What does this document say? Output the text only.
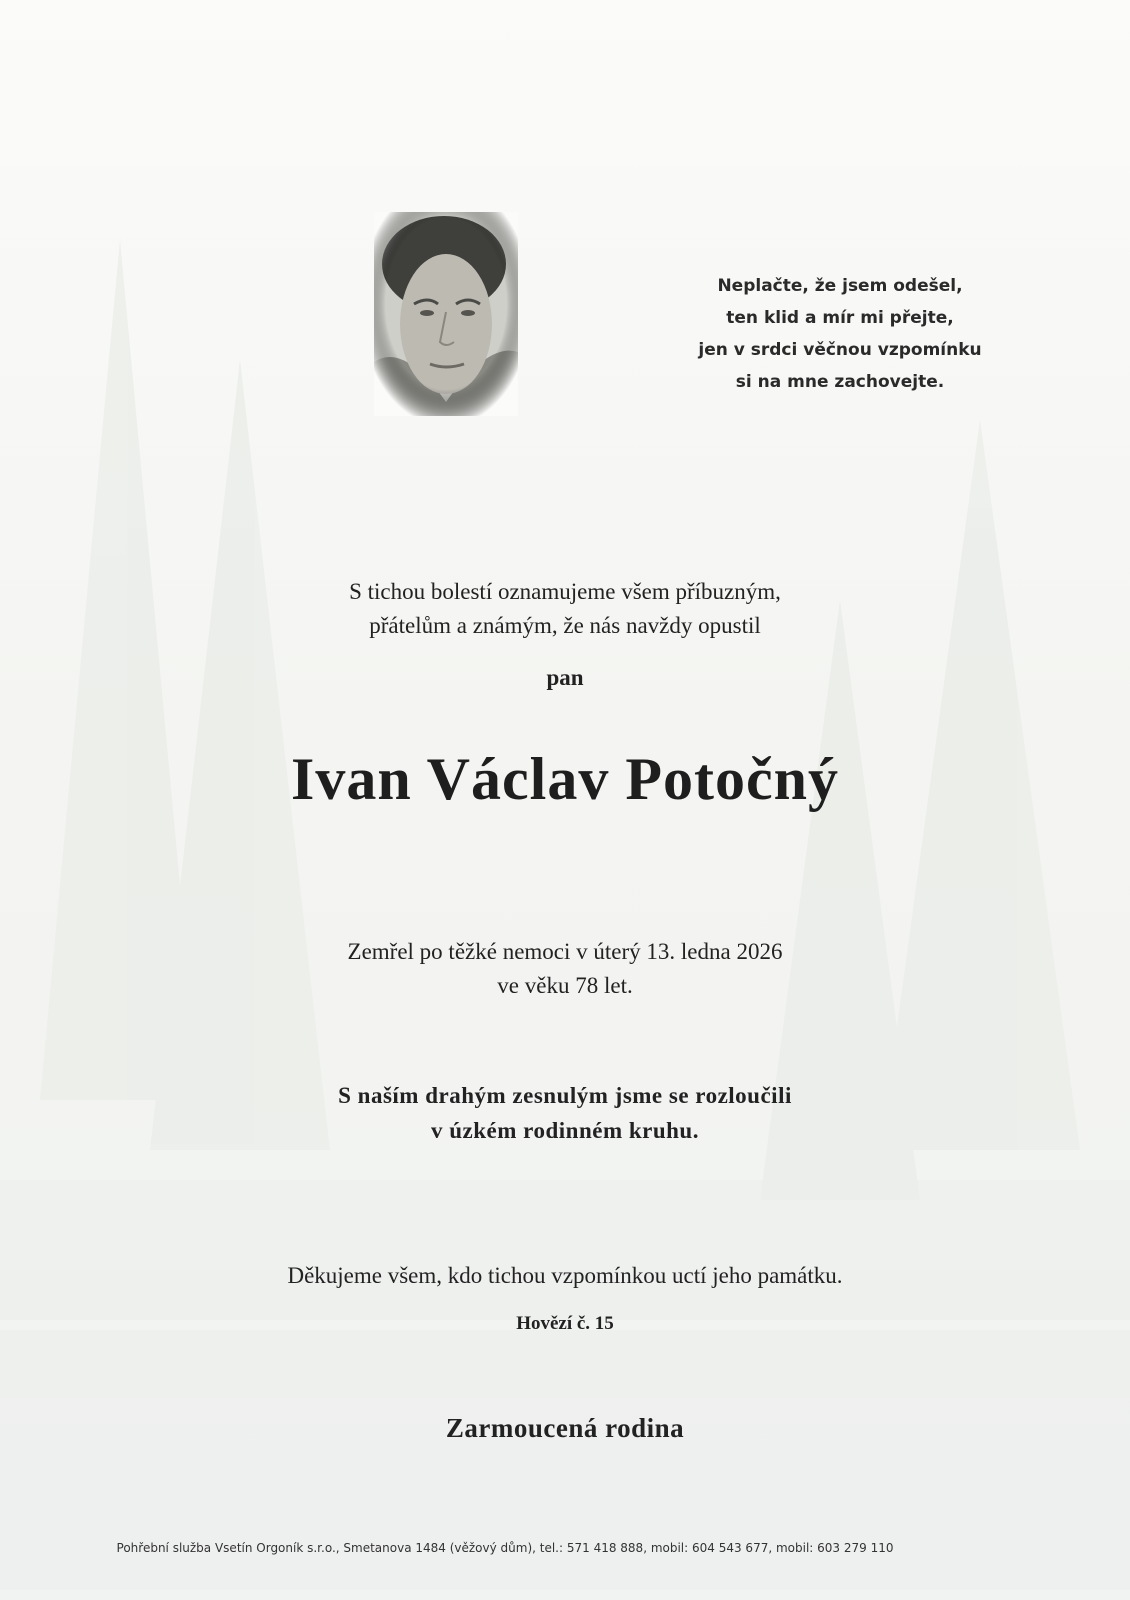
Neplačte, že jsem odešel,
ten klid a mír mi přejte,
jen v srdci věčnou vzpomínku
si na mne zachovejte.
S tichou bolestí oznamujeme všem příbuzným,
přátelům a známým, že nás navždy opustil
pan
Ivan Václav Potočný
Zemřel po těžké nemoci v úterý 13. ledna 2026
ve věku 78 let.
S naším drahým zesnulým jsme se rozloučili
v úzkém rodinném kruhu.
Děkujeme všem, kdo tichou vzpomínkou uctí jeho památku.
Hovězí č. 15
Zarmoucená rodina
Pohřební služba Vsetín Orgoník s.r.o., Smetanova 1484 (věžový dům), tel.: 571 418 888, mobil: 604 543 677, mobil: 603 279 110
